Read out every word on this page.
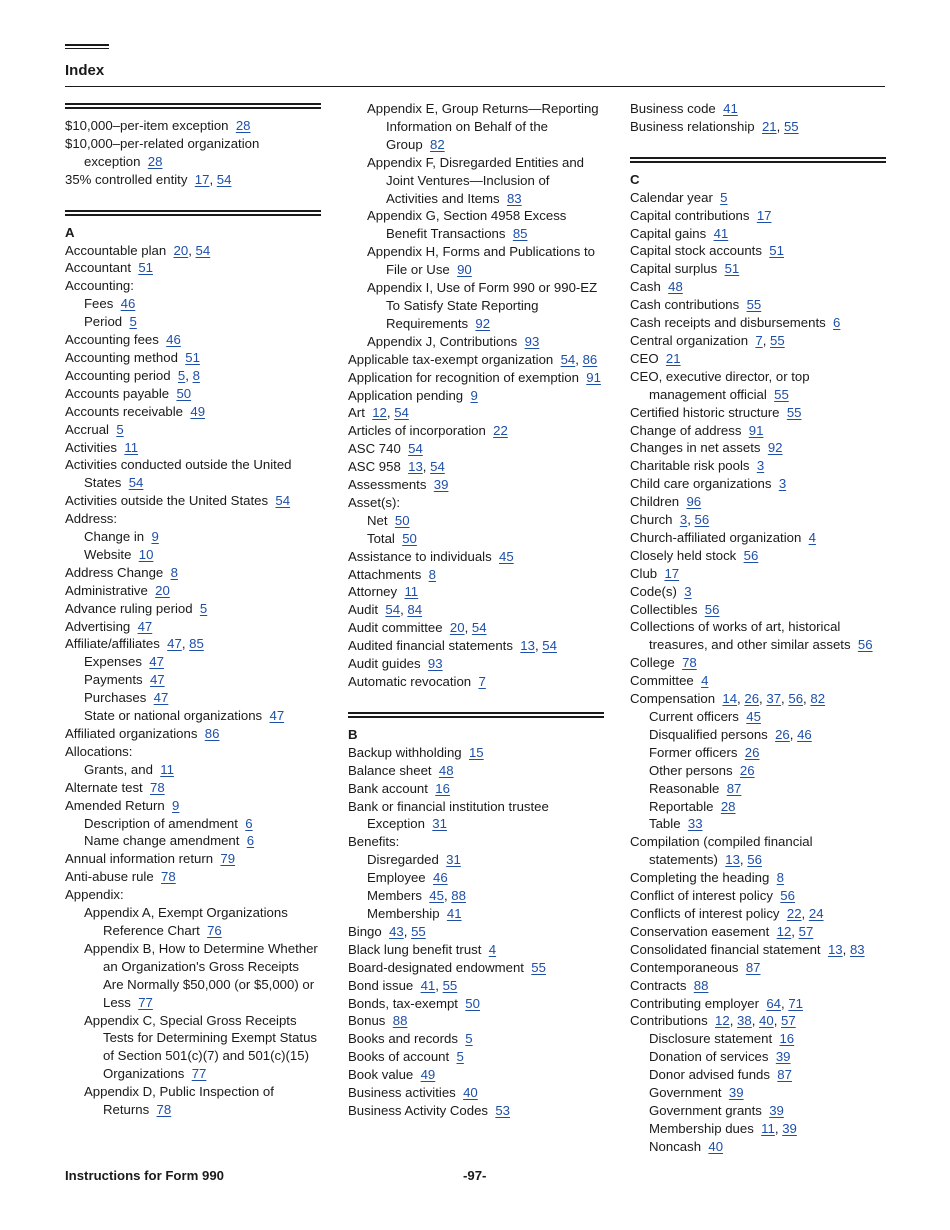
Index
$10,000–per-item exception 28
$10,000–per-related organization exception 28
35% controlled entity 17, 54
A
Accountable plan 20, 54
Accountant 51
Accounting:
Fees 46
Period 5
Accounting fees 46
Accounting method 51
Accounting period 5, 8
Accounts payable 50
Accounts receivable 49
Accrual 5
Activities 11
Activities conducted outside the United States 54
Activities outside the United States 54
Address:
Change in 9
Website 10
Address Change 8
Administrative 20
Advance ruling period 5
Advertising 47
Affiliate/affiliates 47, 85
Expenses 47
Payments 47
Purchases 47
State or national organizations 47
Affiliated organizations 86
Allocations:
Grants, and 11
Alternate test 78
Amended Return 9
Description of amendment 6
Name change amendment 6
Annual information return 79
Anti-abuse rule 78
Appendix:
Appendix A, Exempt Organizations Reference Chart 76
Appendix B, How to Determine Whether an Organization's Gross Receipts Are Normally $50,000 (or $5,000) or Less 77
Appendix C, Special Gross Receipts Tests for Determining Exempt Status of Section 501(c)(7) and 501(c)(15) Organizations 77
Appendix D, Public Inspection of Returns 78
Appendix E, Group Returns—Reporting Information on Behalf of the Group 82
Appendix F, Disregarded Entities and Joint Ventures—Inclusion of Activities and Items 83
Appendix G, Section 4958 Excess Benefit Transactions 85
Appendix H, Forms and Publications to File or Use 90
Appendix I, Use of Form 990 or 990-EZ To Satisfy State Reporting Requirements 92
Appendix J, Contributions 93
Applicable tax-exempt organization 54, 86
Application for recognition of exemption 91
Application pending 9
Art 12, 54
Articles of incorporation 22
ASC 740 54
ASC 958 13, 54
Assessments 39
Asset(s):
Net 50
Total 50
Assistance to individuals 45
Attachments 8
Attorney 11
Audit 54, 84
Audit committee 20, 54
Audited financial statements 13, 54
Audit guides 93
Automatic revocation 7
B
Backup withholding 15
Balance sheet 48
Bank account 16
Bank or financial institution trustee
Exception 31
Benefits:
Disregarded 31
Employee 46
Members 45, 88
Membership 41
Bingo 43, 55
Black lung benefit trust 4
Board-designated endowment 55
Bond issue 41, 55
Bonds, tax-exempt 50
Bonus 88
Books and records 5
Books of account 5
Book value 49
Business activities 40
Business Activity Codes 53
Business code 41
Business relationship 21, 55
C
Calendar year 5
Capital contributions 17
Capital gains 41
Capital stock accounts 51
Capital surplus 51
Cash 48
Cash contributions 55
Cash receipts and disbursements 6
Central organization 7, 55
CEO 21
CEO, executive director, or top management official 55
Certified historic structure 55
Change of address 91
Changes in net assets 92
Charitable risk pools 3
Child care organizations 3
Children 96
Church 3, 56
Church-affiliated organization 4
Closely held stock 56
Club 17
Code(s) 3
Collectibles 56
Collections of works of art, historical treasures, and other similar assets 56
College 78
Committee 4
Compensation 14, 26, 37, 56, 82
Current officers 45
Disqualified persons 26, 46
Former officers 26
Other persons 26
Reasonable 87
Reportable 28
Table 33
Compilation (compiled financial statements) 13, 56
Completing the heading 8
Conflict of interest policy 56
Conflicts of interest policy 22, 24
Conservation easement 12, 57
Consolidated financial statement 13, 83
Contemporaneous 87
Contracts 88
Contributing employer 64, 71
Contributions 12, 38, 40, 57
Disclosure statement 16
Donation of services 39
Donor advised funds 87
Government 39
Government grants 39
Membership dues 11, 39
Noncash 40
Instructions for Form 990	-97-
